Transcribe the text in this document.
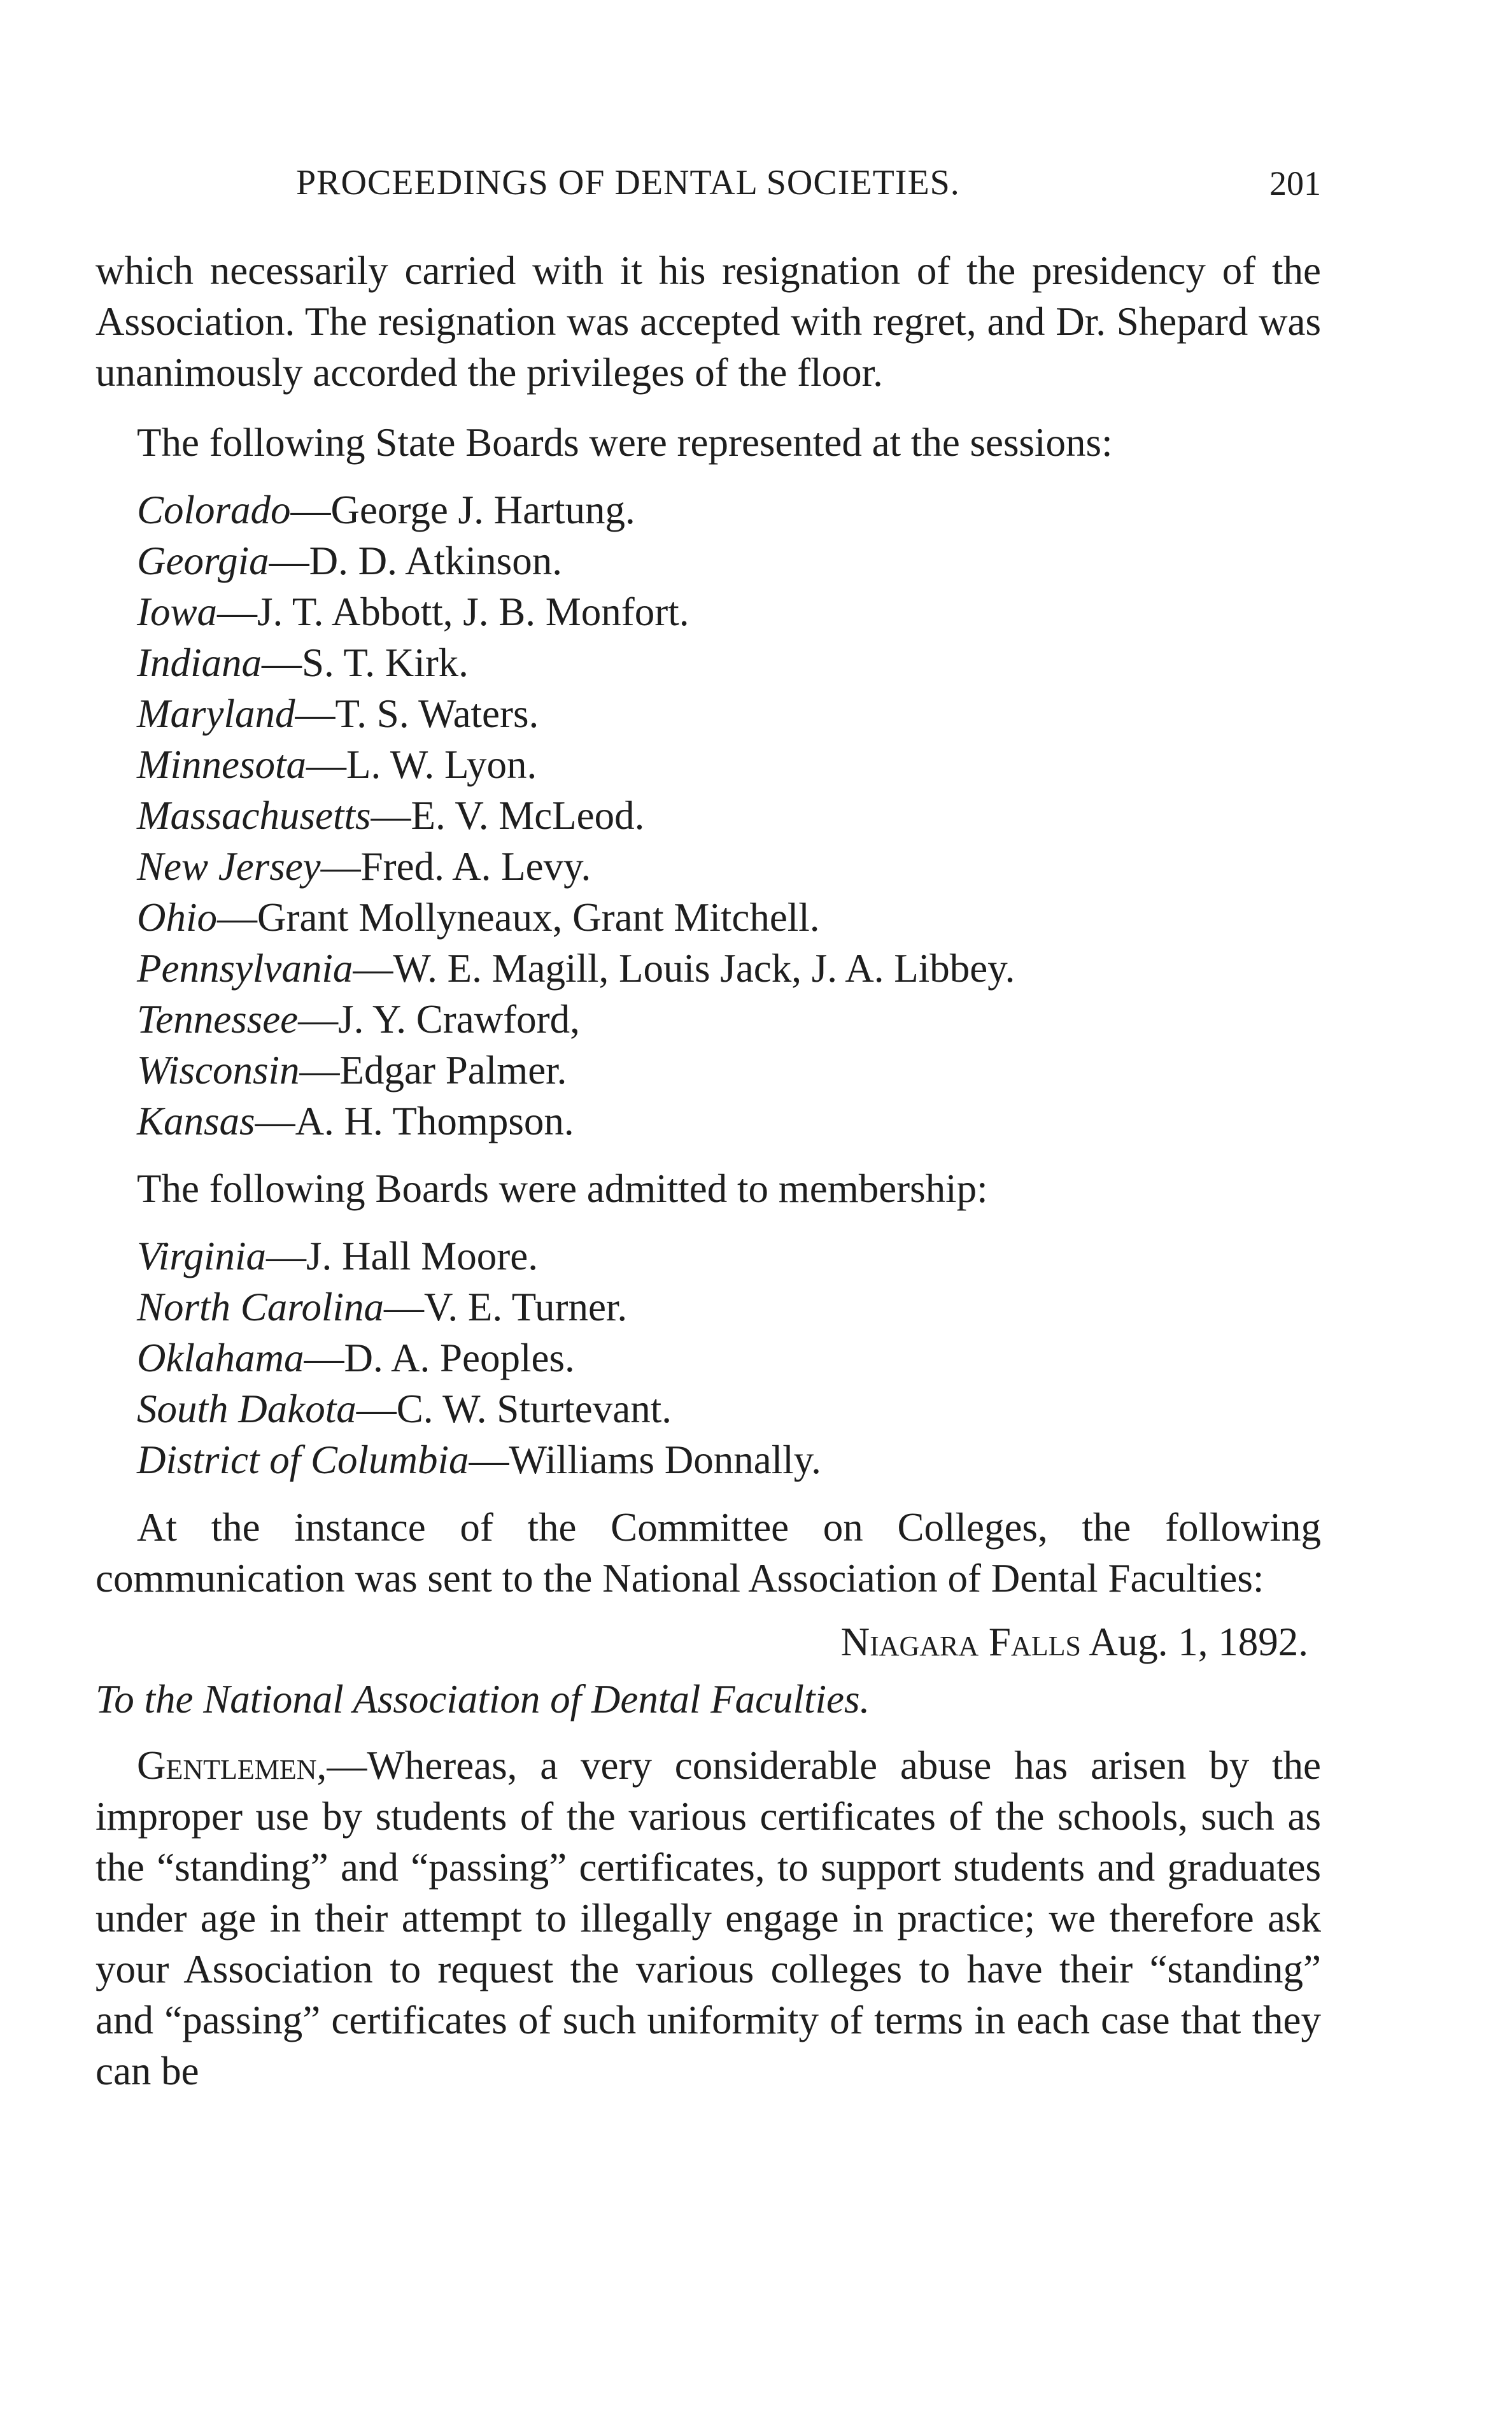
PROCEEDINGS OF DENTAL SOCIETIES.	201

which necessarily carried with it his resignation of the presidency of the Association. The resignation was accepted with regret, and Dr. Shepard was unanimously accorded the privileges of the floor.

The following State Boards were represented at the sessions:

Colorado—George J. Hartung.
Georgia—D. D. Atkinson.
Iowa—J. T. Abbott, J. B. Monfort.
Indiana—S. T. Kirk.
Maryland—T. S. Waters.
Minnesota—L. W. Lyon.
Massachusetts—E. V. McLeod.
New Jersey—Fred. A. Levy.
Ohio—Grant Mollyneaux, Grant Mitchell.
Pennsylvania—W. E. Magill, Louis Jack, J. A. Libbey.
Tennessee—J. Y. Crawford,
Wisconsin—Edgar Palmer.
Kansas—A. H. Thompson.

The following Boards were admitted to membership:

Virginia—J. Hall Moore.
North Carolina—V. E. Turner.
Oklahama—D. A. Peoples.
South Dakota—C. W. Sturtevant.
District of Columbia—Williams Donnally.

At the instance of the Committee on Colleges, the following communication was sent to the National Association of Dental Faculties:

Niagara Falls Aug. 1, 1892.

To the National Association of Dental Faculties.

Gentlemen,—Whereas, a very considerable abuse has arisen by the improper use by students of the various certificates of the schools, such as the “standing” and “passing” certificates, to support students and graduates under age in their attempt to illegally engage in practice; we therefore ask your Association to request the various colleges to have their “standing” and “passing” certificates of such uniformity of terms in each case that they can be
